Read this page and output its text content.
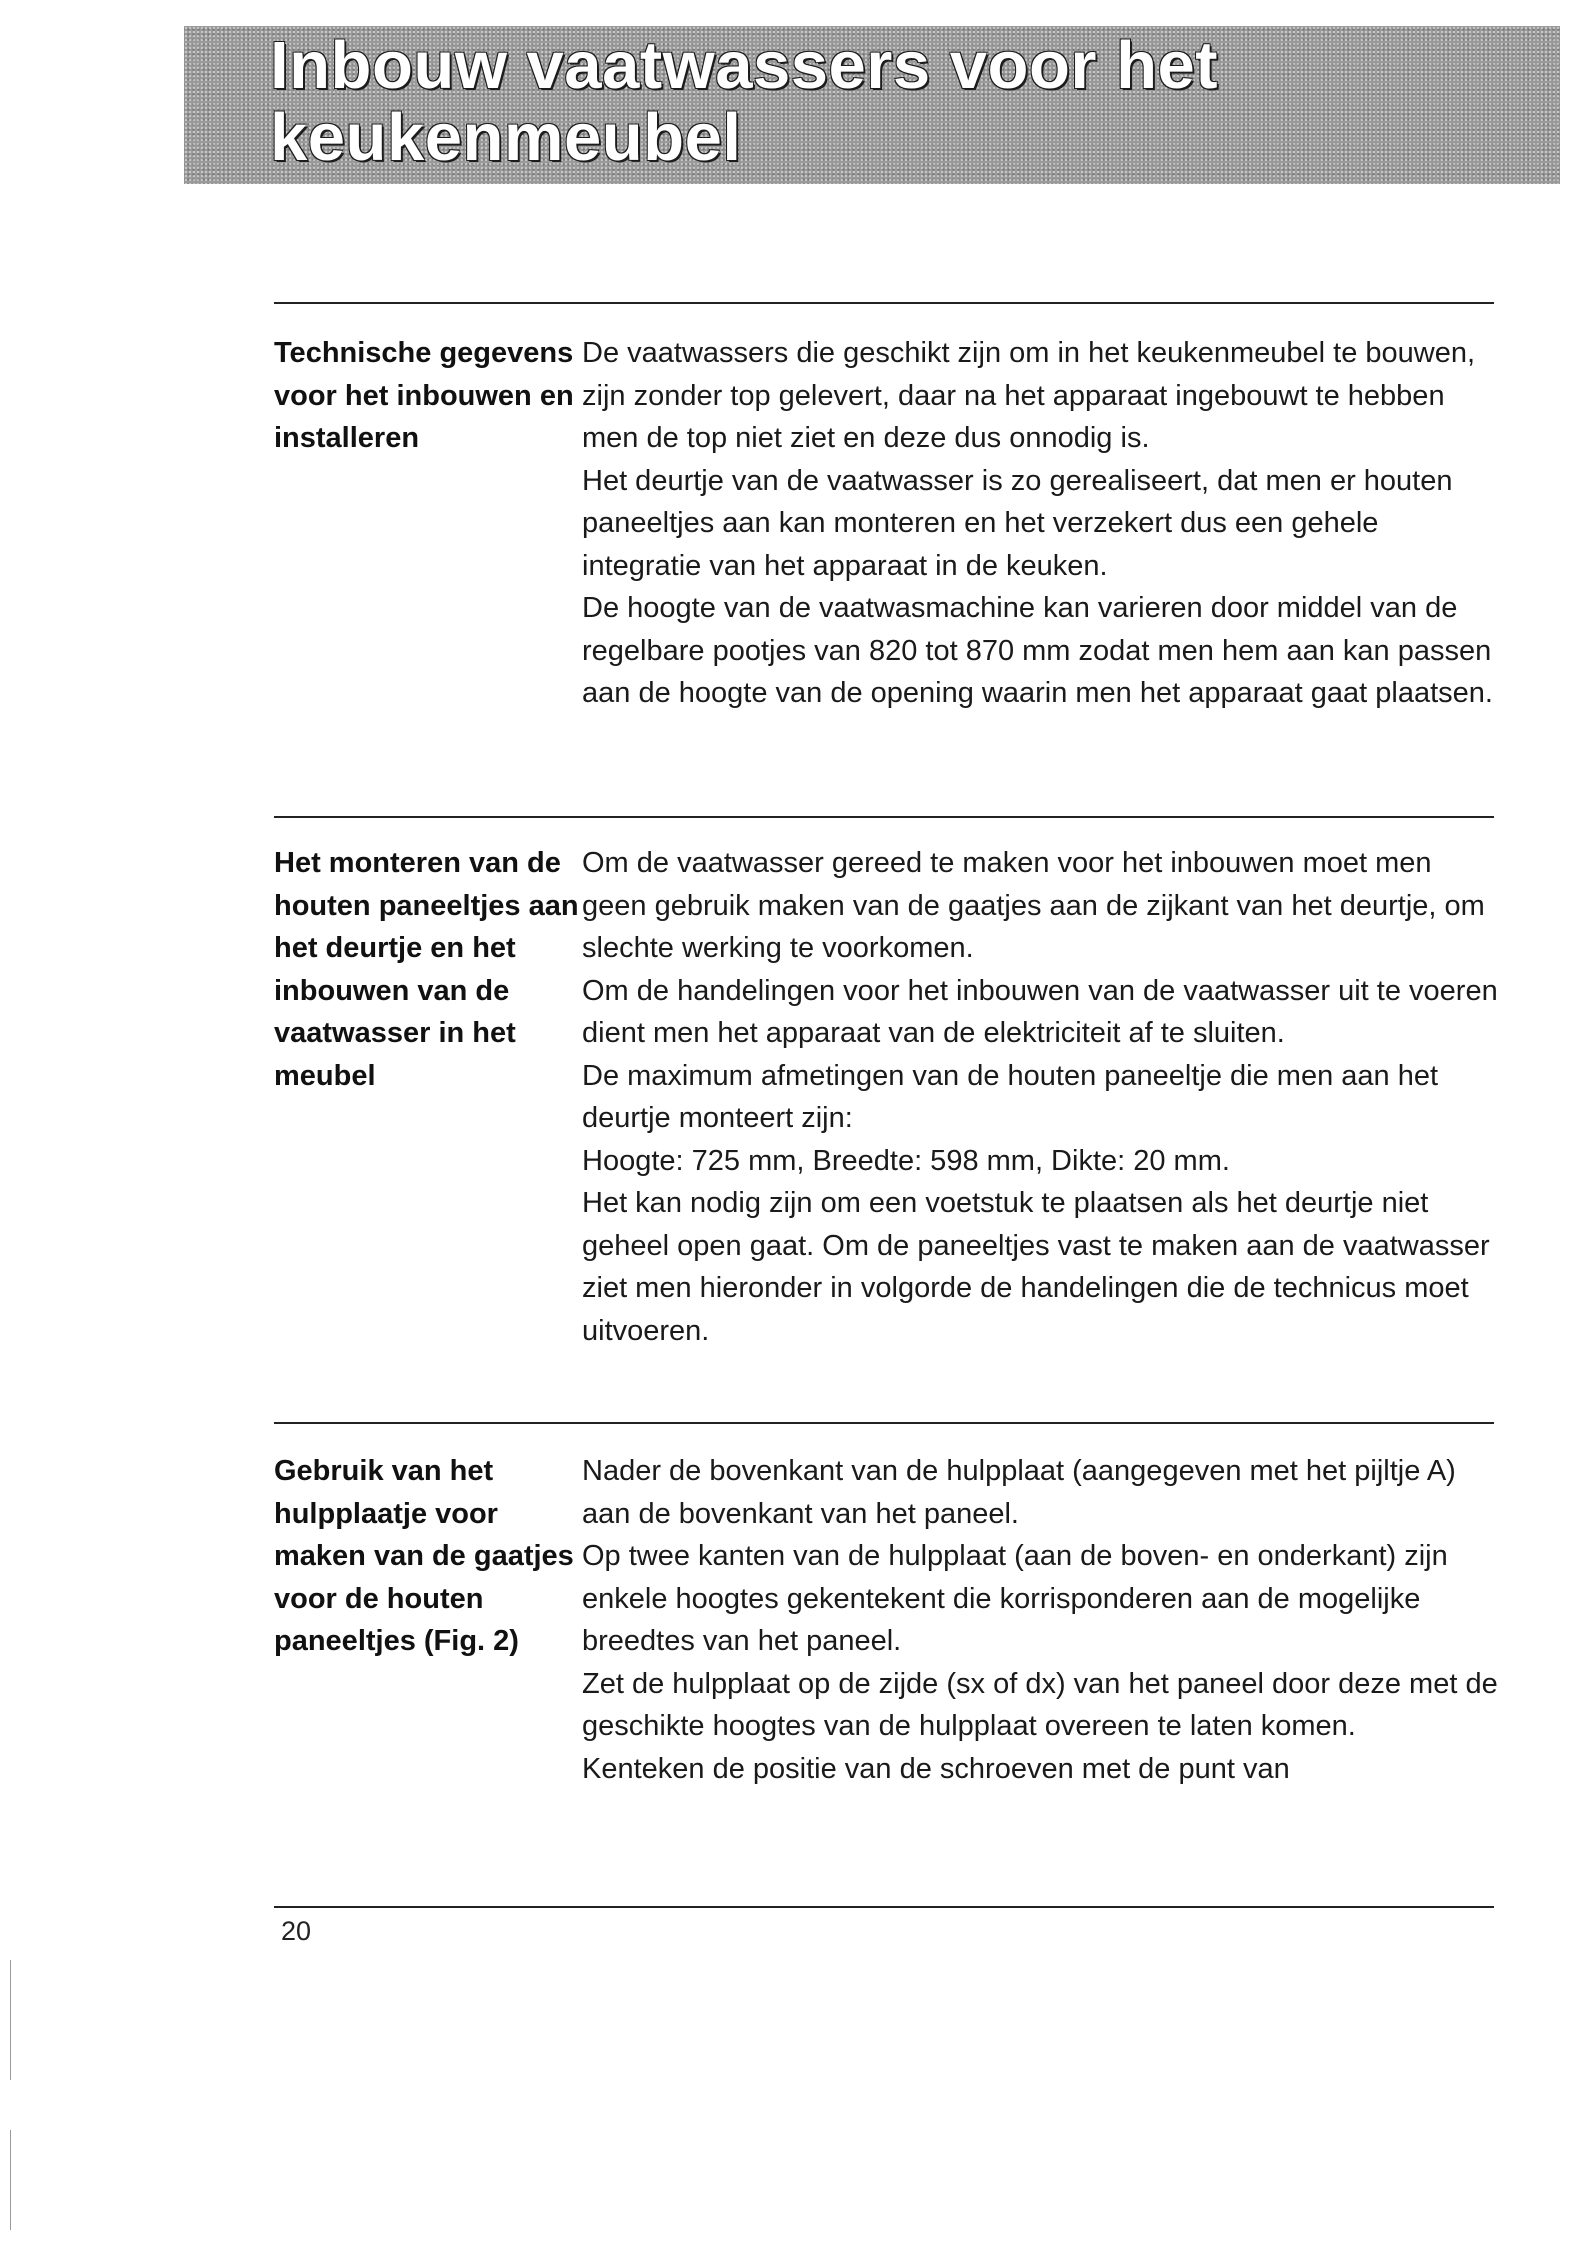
Inbouw vaatwassers voor het keukenmeubel
Technische gegevens voor het inbouwen en installeren

De vaatwassers die geschikt zijn om in het keukenmeubel te bouwen, zijn zonder top gelevert, daar na het apparaat ingebouwt te hebben men de top niet ziet en deze dus onnodig is.

Het deurtje van de vaatwasser is zo gerealiseert, dat men er houten paneeltjes aan kan monteren en het verzekert dus een gehele integratie van het apparaat in de keuken.

De hoogte van de vaatwasmachine kan varieren door middel van de regelbare pootjes van 820 tot 870 mm zodat men hem aan kan passen aan de hoogte van de opening waarin men het apparaat gaat plaatsen.

Het monteren van de houten paneeltjes aan het deurtje en het inbouwen van de vaatwasser in het meubel

Om de vaatwasser gereed te maken voor het inbouwen moet men geen gebruik maken van de gaatjes aan de zijkant van het deurtje, om slechte werking te voorkomen.

Om de handelingen voor het inbouwen van de vaatwasser uit te voeren dient men het apparaat van de elektriciteit af te sluiten.

De maximum afmetingen van de houten paneeltje die men aan het deurtje monteert zijn:

Hoogte: 725 mm, Breedte: 598 mm, Dikte: 20 mm.

Het kan nodig zijn om een voetstuk te plaatsen als het deurtje niet geheel open gaat. Om de paneeltjes vast te maken aan de vaatwasser ziet men hieronder in volgorde de handelingen die de technicus moet uitvoeren.

Gebruik van het hulpplaatje voor maken van de gaatjes voor de houten paneeltjes (Fig. 2)

Nader de bovenkant van de hulpplaat (aangegeven met het pijltje A) aan de bovenkant van het paneel.

Op twee kanten van de hulpplaat (aan de boven- en onderkant) zijn enkele hoogtes gekentekent die korrisponderen aan de mogelijke breedtes van het paneel.

Zet de hulpplaat op de zijde (sx of dx) van het paneel door deze met de geschikte hoogtes van de hulpplaat overeen te laten komen.

Kenteken de positie van de schroeven met de punt van

20
